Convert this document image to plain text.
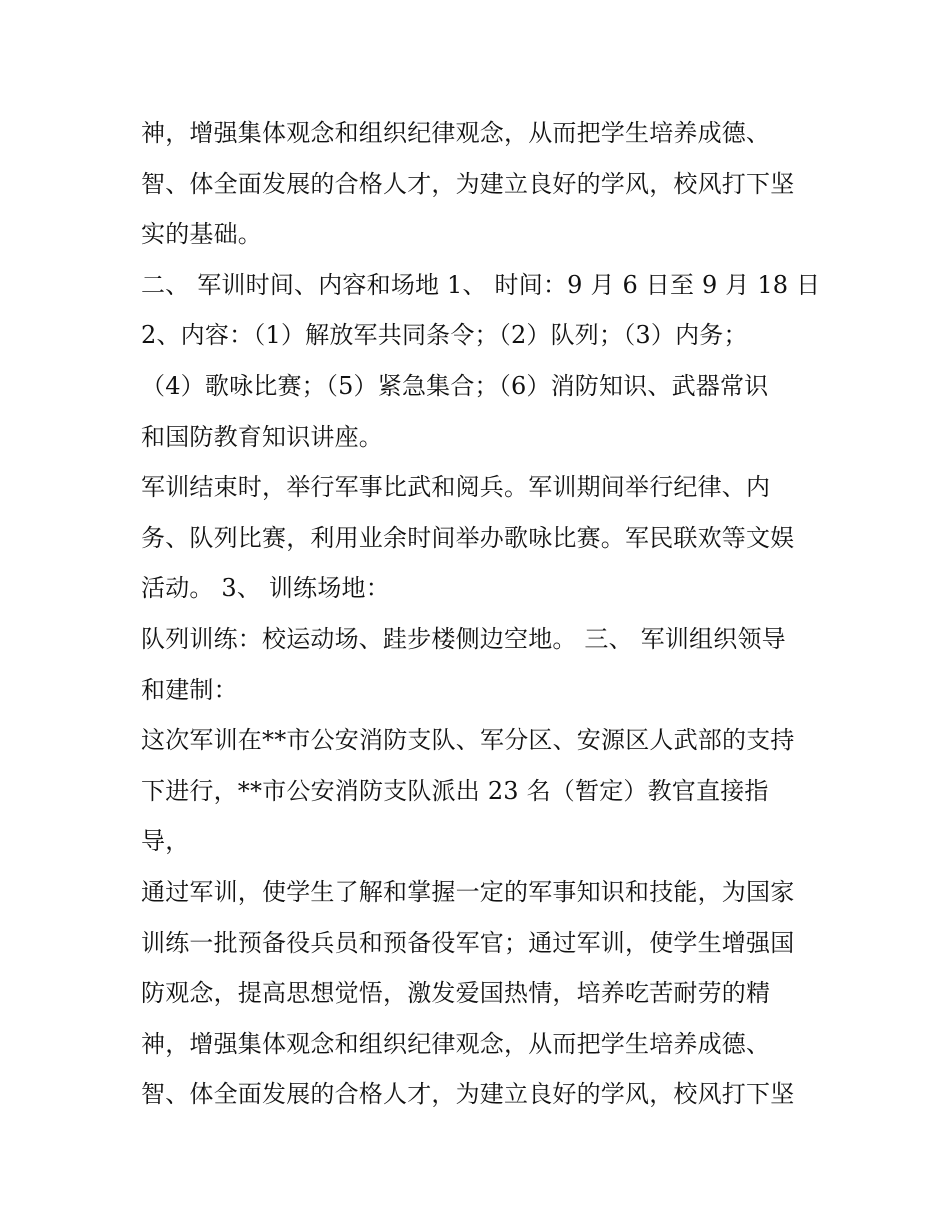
神，增强集体观念和组织纪律观念，从而把学生培养成德、
智、体全面发展的合格人才，为建立良好的学风，校风打下坚
实的基础。
二、 军训时间、内容和场地 1、 时间：9 月 6 日至 9 月 18 日
2、内容：（1）解放军共同条令；（2）队列；（3）内务；
（4）歌咏比赛；（5）紧急集合；（6）消防知识、武器常识
和国防教育知识讲座。
军训结束时，举行军事比武和阅兵。军训期间举行纪律、内
务、队列比赛，利用业余时间举办歌咏比赛。军民联欢等文娱
活动。 3、 训练场地：
队列训练：校运动场、跬步楼侧边空地。 三、 军训组织领导
和建制：
这次军训在**市公安消防支队、军分区、安源区人武部的支持
下进行，**市公安消防支队派出 23 名（暂定）教官直接指
导，
通过军训，使学生了解和掌握一定的军事知识和技能，为国家
训练一批预备役兵员和预备役军官；通过军训，使学生增强国
防观念，提高思想觉悟，激发爱国热情，培养吃苦耐劳的精
神，增强集体观念和组织纪律观念，从而把学生培养成德、
智、体全面发展的合格人才，为建立良好的学风，校风打下坚
